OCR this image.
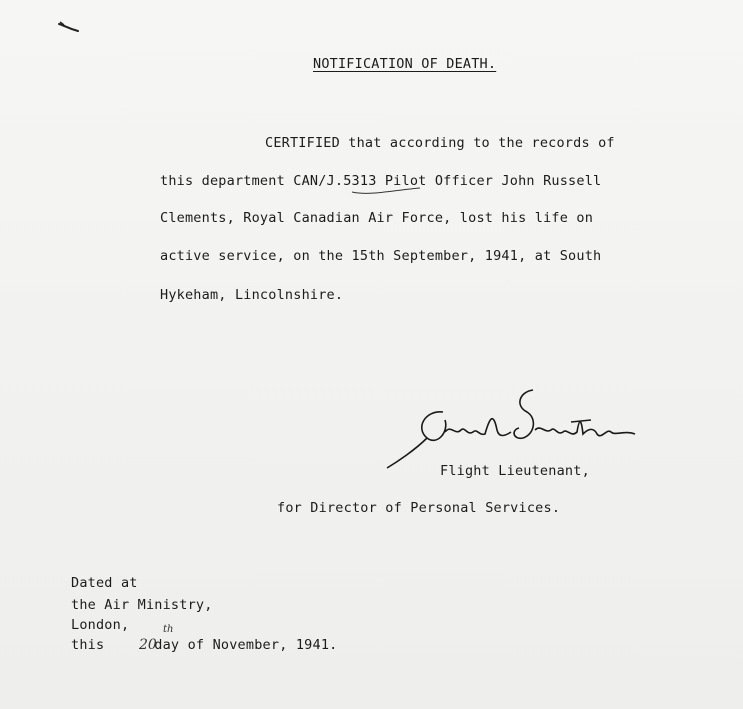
NOTIFICATION OF DEATH.
CERTIFIED that according to the records of
this department CAN/J.5313 Pilot Officer John Russell
Clements, Royal Canadian Air Force, lost his life on
active service, on the 15th September, 1941, at South
Hykeham, Lincolnshire.
Flight Lieutenant,
for Director of Personal Services.
Dated at
the Air Ministry,
London,
this	day of November, 1941.
20
th
